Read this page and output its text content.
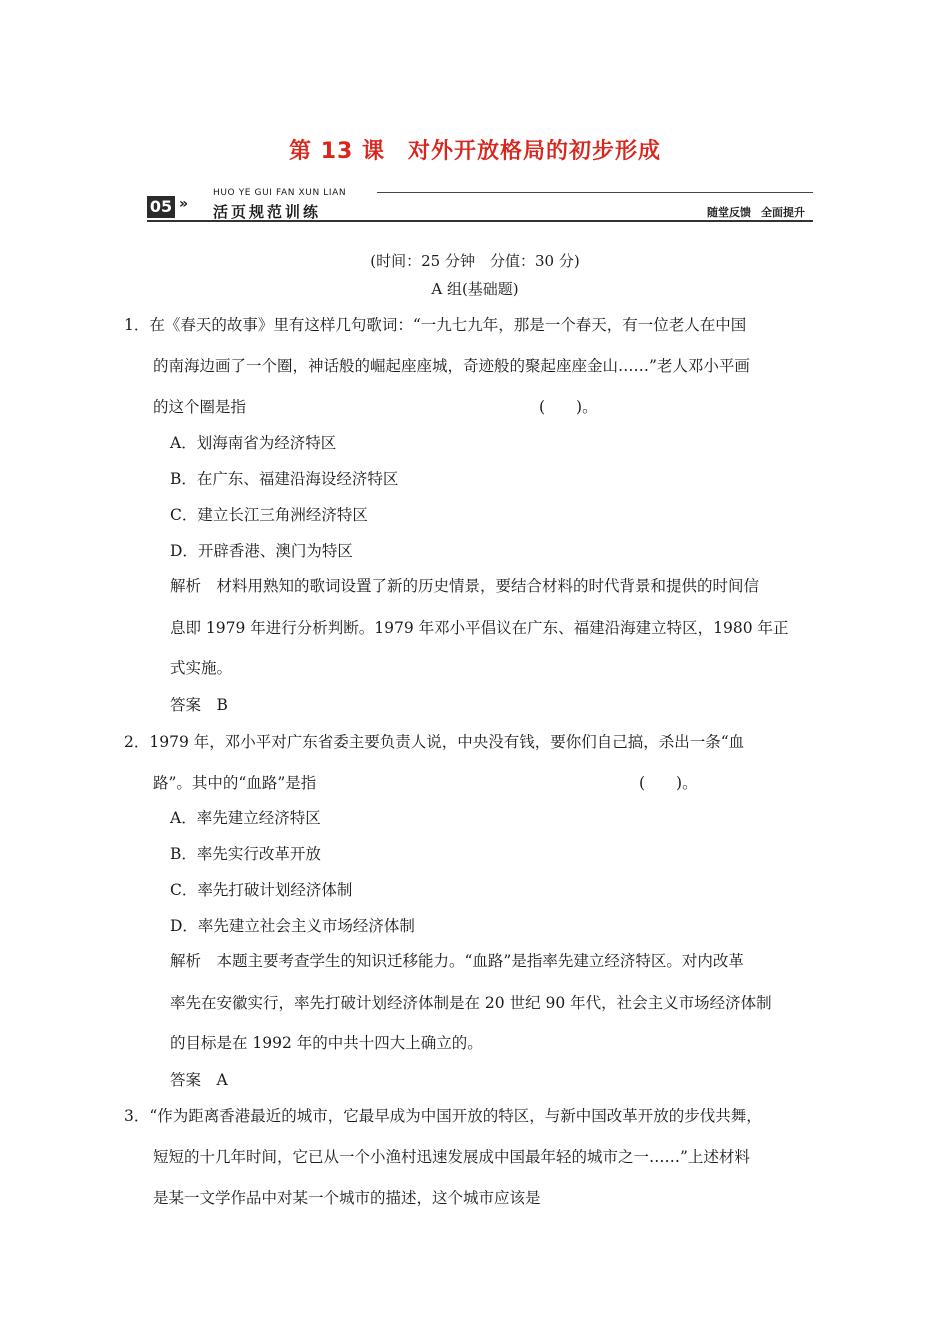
第 13 课　对外开放格局的初步形成
05 »
HUO YE GUI FAN XUN LIAN
活页规范训练	随堂反馈 全面提升
(时间：25 分钟　分值：30 分)
A 组(基础题)
1．在《春天的故事》里有这样几句歌词：“一九七九年，那是一个春天，有一位老人在中国
的南海边画了一个圈，神话般的崛起座座城，奇迹般的聚起座座金山……”老人邓小平画
的这个圈是指	(　　)。
A．划海南省为经济特区
B．在广东、福建沿海设经济特区
C．建立长江三角洲经济特区
D．开辟香港、澳门为特区
解析　材料用熟知的歌词设置了新的历史情景，要结合材料的时代背景和提供的时间信
息即 1979 年进行分析判断。1979 年邓小平倡议在广东、福建沿海建立特区，1980 年正
式实施。
答案　B
2．1979 年，邓小平对广东省委主要负责人说，中央没有钱，要你们自己搞，杀出一条“血
路”。其中的“血路”是指	(　　)。
A．率先建立经济特区
B．率先实行改革开放
C．率先打破计划经济体制
D．率先建立社会主义市场经济体制
解析　本题主要考查学生的知识迁移能力。“血路”是指率先建立经济特区。对内改革
率先在安徽实行，率先打破计划经济体制是在 20 世纪 90 年代，社会主义市场经济体制
的目标是在 1992 年的中共十四大上确立的。
答案　A
3．“作为距离香港最近的城市，它最早成为中国开放的特区，与新中国改革开放的步伐共舞，
短短的十几年时间，它已从一个小渔村迅速发展成中国最年轻的城市之一……”上述材料
是某一文学作品中对某一个城市的描述，这个城市应该是
